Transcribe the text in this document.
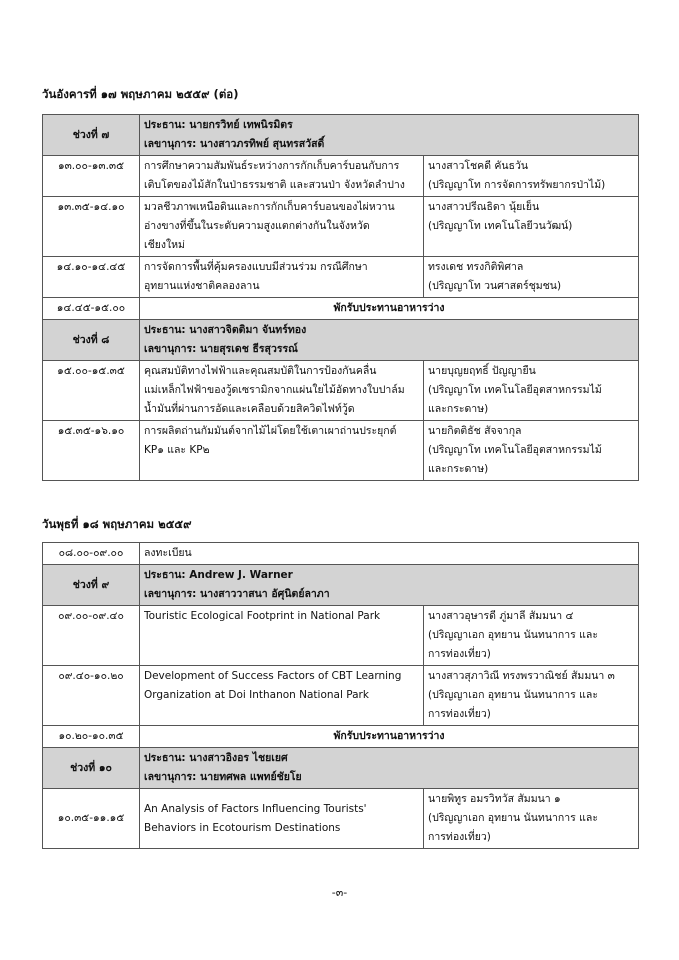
วันอังคารที่ ๑๗ พฤษภาคม ๒๕๕๙ (ต่อ)
ช่วงที่ ๗	ประธาน: นายกรวิทย์ เทพนิรมิตร
เลขานุการ: นางสาวภรทิพย์ สุนทรสวัสดิ์	

๑๓.๐๐-๑๓.๓๕	การศึกษาความสัมพันธ์ระหว่างการกักเก็บคาร์บอนกับการ
เติบโตของไม้สักในป่าธรรมชาติ และสวนป่า จังหวัดลำปาง	นางสาวโชคดี คันธวัน
(ปริญญาโท การจัดการทรัพยากรป่าไม้)

๑๓.๓๕-๑๔.๑๐	มวลชีวภาพเหนือดินและการกักเก็บคาร์บอนของไผ่หวาน
อ่างขางที่ขึ้นในระดับความสูงแตกต่างกันในจังหวัด
เชียงใหม่	นางสาวปรีณธิดา นุ้ยเย็น
(ปริญญาโท เทคโนโลยีวนวัฒน์)

๑๔.๑๐-๑๔.๔๕	การจัดการพื้นที่คุ้มครองแบบมีส่วนร่วม กรณีศึกษา
อุทยานแห่งชาติคลองลาน	ทรงเดช ทรงกิติพิศาล
(ปริญญาโท วนศาสตร์ชุมชน)

๑๔.๔๕-๑๕.๐๐	พักรับประทานอาหารว่าง	
ช่วงที่ ๘	ประธาน: นางสาวจิตติมา จันทร์ทอง
เลขานุการ: นายสุรเดช ธีรสุวรรณ์	

๑๕.๐๐-๑๕.๓๕	คุณสมบัติทางไฟฟ้าและคุณสมบัติในการป้องกันคลื่น
แม่เหล็กไฟฟ้าของวู้ดเซรามิกจากแผ่นใยไม้อัดทางใบปาล์ม
น้ำมันที่ผ่านการอัดและเคลือบด้วยสิควิดไฟท์วู้ด	นายบุญยฤทธิ์ ปัญญายืน
(ปริญญาโท เทคโนโลยีอุตสาหกรรมไม้
และกระดาษ)

๑๕.๓๕-๑๖.๑๐	การผลิตถ่านกัมมันต์จากไม้ไผ่โดยใช้เตาเผาถ่านประยุกต์
KP๑ และ KP๒	นายกิตติธัช สัจจากุล
(ปริญญาโท เทคโนโลยีอุตสาหกรรมไม้
และกระดาษ)
วันพุธที่ ๑๘ พฤษภาคม ๒๕๕๙
๐๘.๐๐-๐๙.๐๐	ลงทะเบียน	
ช่วงที่ ๙	ประธาน: Andrew J. Warner
เลขานุการ: นางสาววาสนา อัศุนิตย์ลาภา	

๐๙.๐๐-๐๙.๔๐	Touristic Ecological Footprint in National Park	นางสาวอุษารดี ภู่มาลี สัมมนา ๔
(ปริญญาเอก อุทยาน นันทนาการ และ
การท่องเที่ยว)

๐๙.๔๐-๑๐.๒๐	Development of Success Factors of CBT Learning
Organization at Doi Inthanon National Park	นางสาวสุภาวิณี ทรงพรวาณิชย์ สัมมนา ๓
(ปริญญาเอก อุทยาน นันทนาการ และ
การท่องเที่ยว)

๑๐.๒๐-๑๐.๓๕	พักรับประทานอาหารว่าง	
ช่วงที่ ๑๐	ประธาน: นางสาวอิงอร ไชยเยศ
เลขานุการ: นายทศพล แพทย์ชัยโย	

๑๐.๓๕-๑๑.๑๕	An Analysis of Factors Influencing Tourists'
Behaviors in Ecotourism Destinations	นายพิทูร อมรวิทวัส สัมมนา ๑
(ปริญญาเอก อุทยาน นันทนาการ และ
การท่องเที่ยว)
-๓-
